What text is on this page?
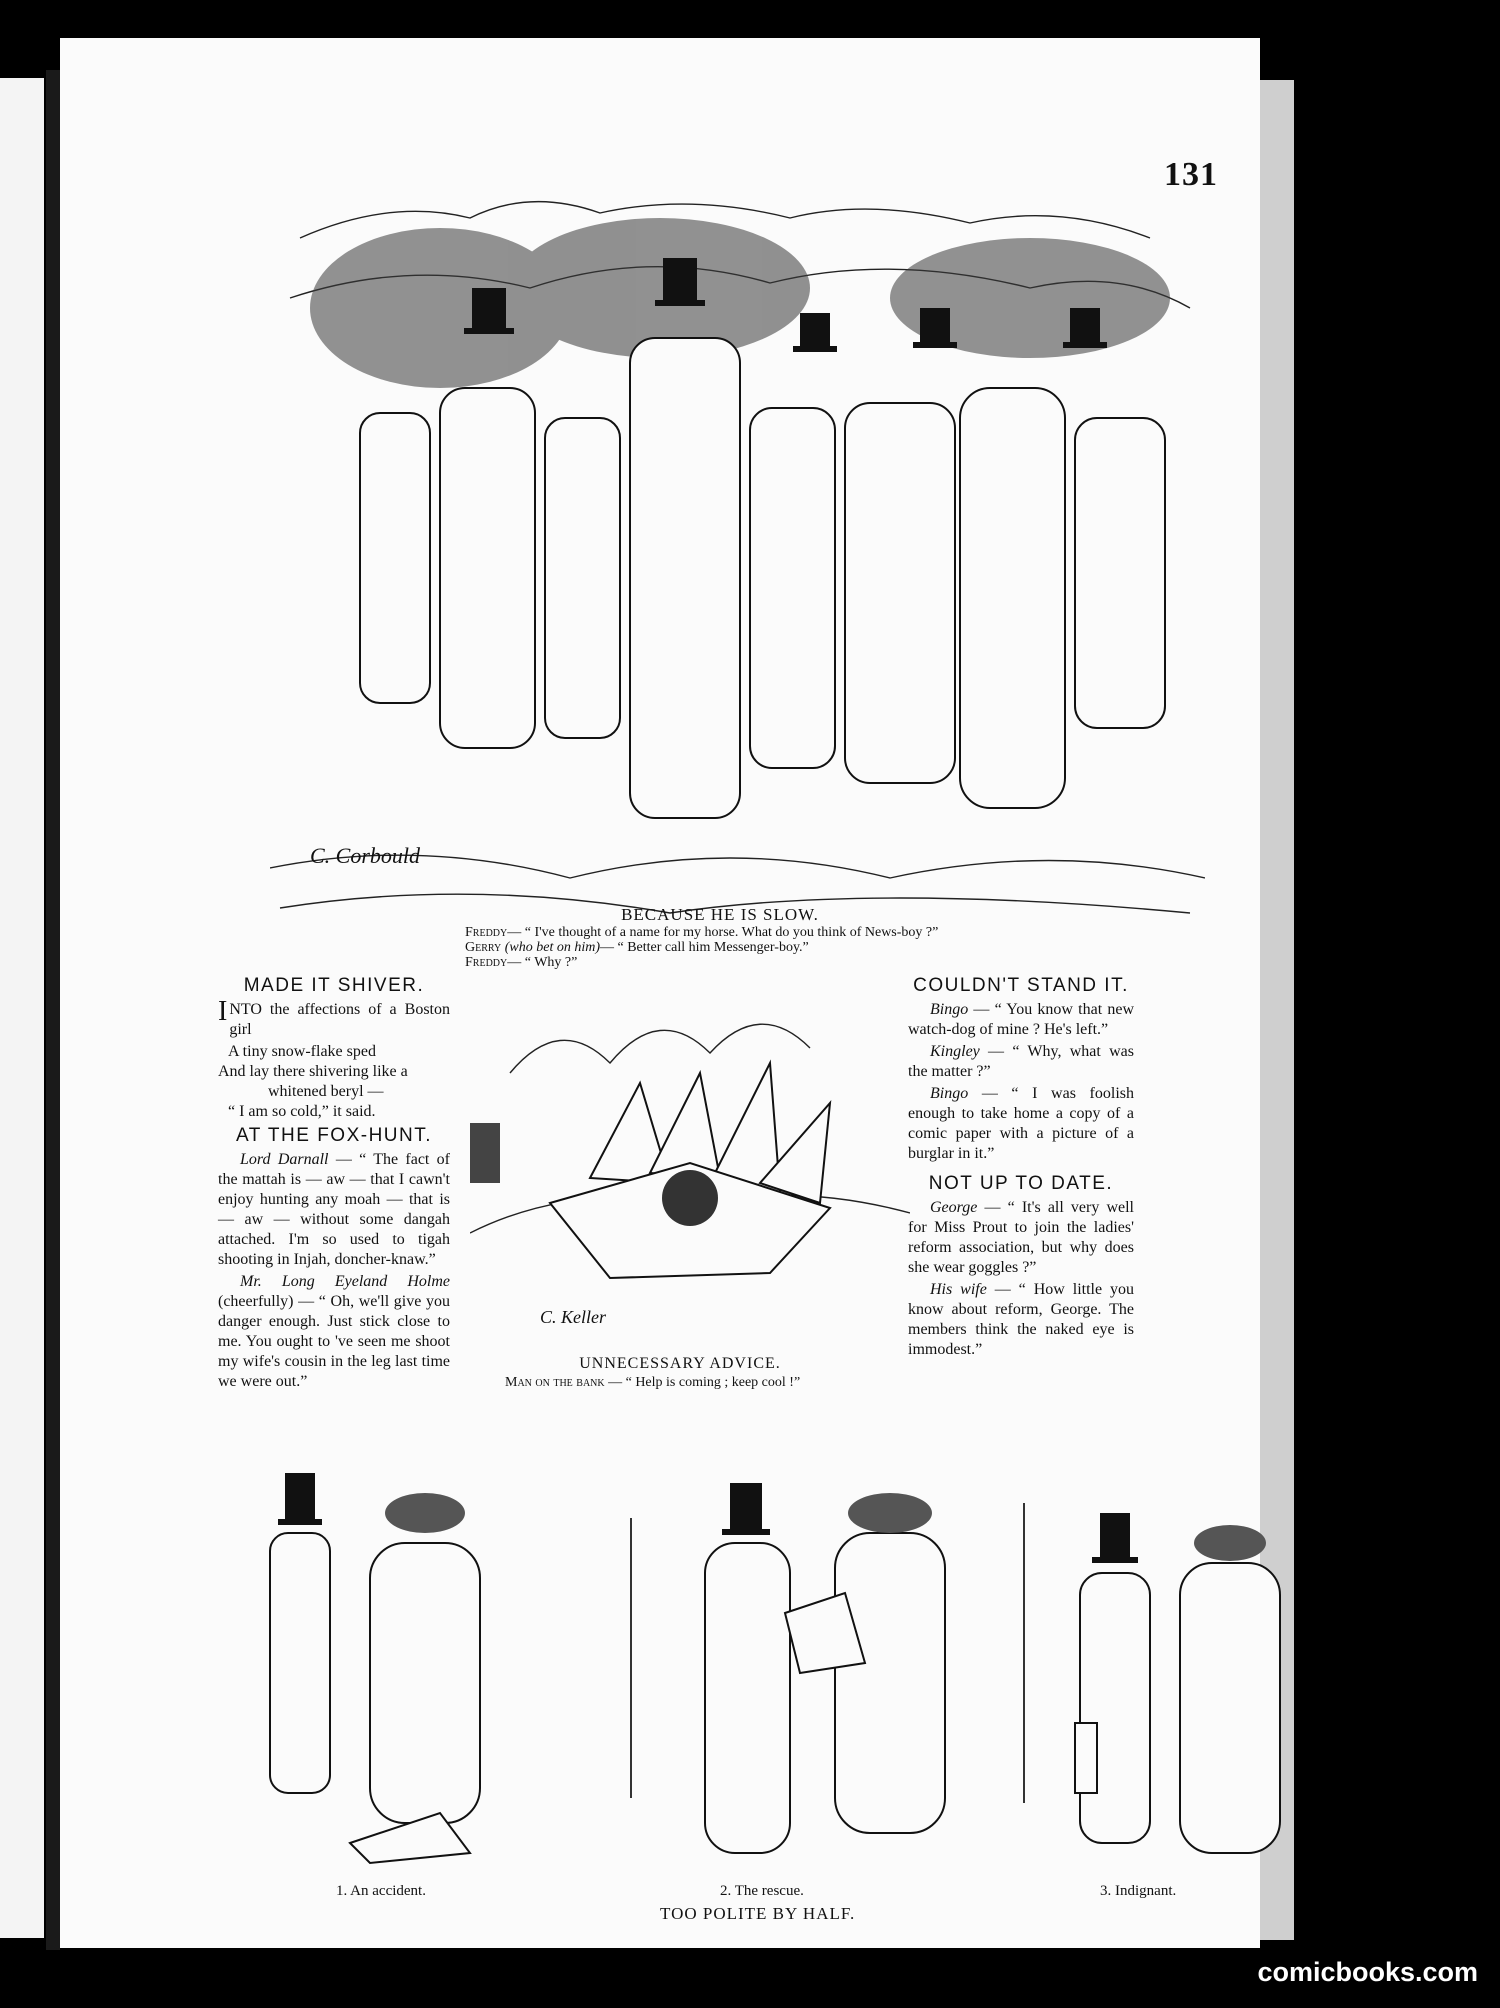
131
C. Corbould
BECAUSE HE IS SLOW.
Freddy— “ I've thought of a name for my horse. What do you think of News-boy ?”
Gerry (who bet on him)— “ Better call him Messenger-boy.”
Freddy— “ Why ?”
MADE IT SHIVER.

INTO the affections of a Boston girl

A tiny snow-flake sped
And lay there shivering like a
whitened beryl —
“ I am so cold,” it said.

AT THE FOX-HUNT.

Lord Darnall — “ The fact of the mattah is — aw — that I cawn't enjoy hunting any moah — that is — aw — without some dangah attached. I'm so used to tigah shooting in Injah, doncher-knaw.”

Mr. Long Eyeland Holme (cheerfully) — “ Oh, we'll give you danger enough. Just stick close to me. You ought to 've seen me shoot my wife's cousin in the leg last time we were out.”

C. Keller
UNNECESSARY ADVICE.
Man on the bank — “ Help is coming ; keep cool !”
COULDN'T STAND IT.

Bingo — “ You know that new watch-dog of mine ? He's left.”

Kingley — “ Why, what was the matter ?”

Bingo — “ I was foolish enough to take home a copy of a comic paper with a picture of a burglar in it.”

NOT UP TO DATE.

George — “ It's all very well for Miss Prout to join the ladies' reform association, but why does she wear goggles ?”

His wife — “ How little you know about reform, George. The members think the naked eye is immodest.”

1. An accident.	2. The rescue.	3. Indignant.
TOO POLITE BY HALF.
comicbooks.com
